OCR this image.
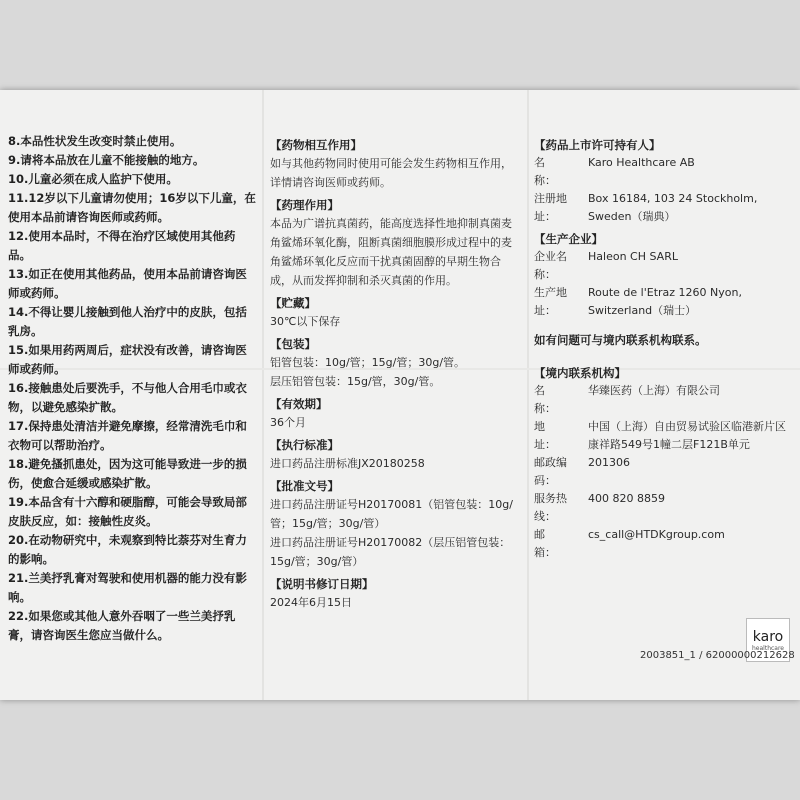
8.本品性状发生改变时禁止使用。
9.请将本品放在儿童不能接触的地方。
10.儿童必须在成人监护下使用。
11.12岁以下儿童请勿使用；16岁以下儿童，在使用本品前请咨询医师或药师。
12.使用本品时，不得在治疗区域使用其他药品。
13.如正在使用其他药品，使用本品前请咨询医师或药师。
14.不得让婴儿接触到他人治疗中的皮肤，包括乳房。
15.如果用药两周后，症状没有改善，请咨询医师或药师。
16.接触患处后要洗手，不与他人合用毛巾或衣物，以避免感染扩散。
17.保持患处清洁并避免摩擦，经常清洗毛巾和衣物可以帮助治疗。
18.避免搔抓患处，因为这可能导致进一步的损伤，使愈合延缓或感染扩散。
19.本品含有十六醇和硬脂醇，可能会导致局部皮肤反应，如：接触性皮炎。
20.在动物研究中，未观察到特比萘芬对生育力的影响。
21.兰美抒乳膏对驾驶和使用机器的能力没有影响。
22.如果您或其他人意外吞咽了一些兰美抒乳膏，请咨询医生您应当做什么。
【药物相互作用】
如与其他药物同时使用可能会发生药物相互作用，详情请咨询医师或药师。
【药理作用】
本品为广谱抗真菌药，能高度选择性地抑制真菌麦角鲨烯环氧化酶，阻断真菌细胞膜形成过程中的麦角鲨烯环氧化反应而干扰真菌固醇的早期生物合成，从而发挥抑制和杀灭真菌的作用。
【贮藏】
30℃以下保存
【包装】
铝管包装：10g/管；15g/管；30g/管。
层压铝管包装：15g/管，30g/管。
【有效期】
36个月
【执行标准】
进口药品注册标准JX20180258
【批准文号】
进口药品注册证号H20170081（铝管包装：10g/管；15g/管；30g/管）
进口药品注册证号H20170082（层压铝管包装：15g/管；30g/管）
【说明书修订日期】
2024年6月15日
【药品上市许可持有人】
名　　称：
Karo Healthcare AB
注册地址：
Box 16184, 103 24 Stockholm, Sweden（瑞典）
【生产企业】
企业名称：
Haleon CH SARL
生产地址：
Route de l'Etraz 1260 Nyon, Switzerland（瑞士）
如有问题可与境内联系机构联系。
【境内联系机构】
名　　称：
华臻医药（上海）有限公司
地　　址：
中国（上海）自由贸易试验区临港新片区康祥路549号1幢二层F121B单元
邮政编码：
201306
服务热线：
400 820 8859
邮　　箱：
cs_call@HTDKgroup.com
karo
healthcare
2003851_1 / 62000000212628
